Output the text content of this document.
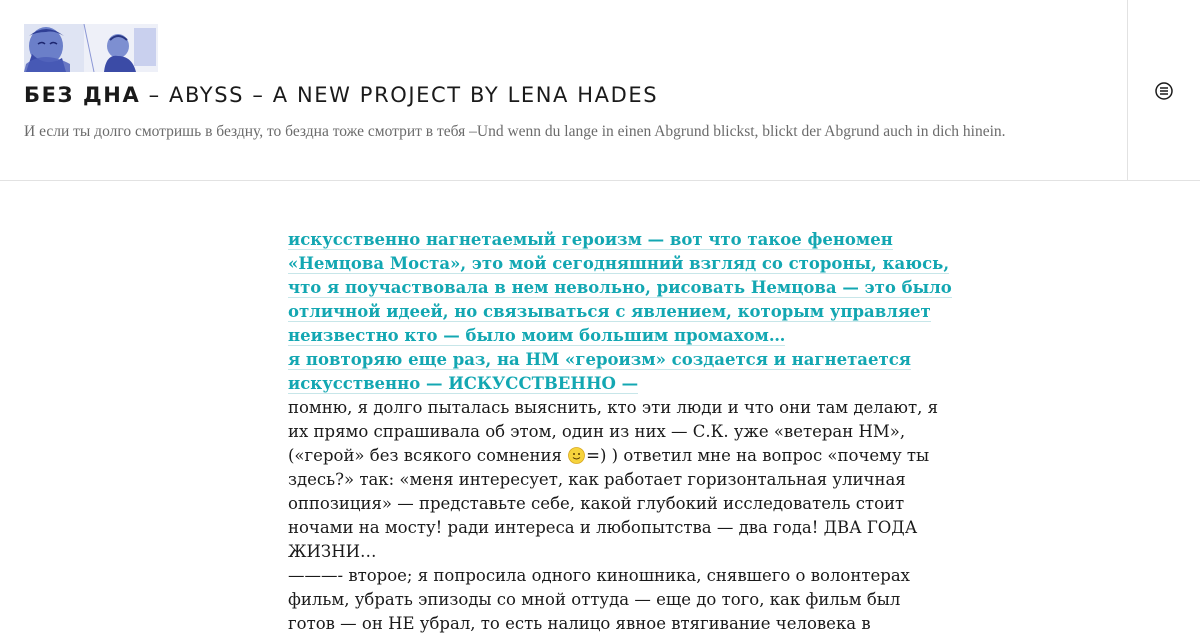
БЕЗ ДНА – ABYSS – A NEW PROJECT BY LENA HADES

И если ты долго смотришь в бездну, то бездна тоже смотрит в тебя –Und wenn du lange in einen Abgrund blickst, blickt der Abgrund auch in dich hinein.

искусственно нагнетаемый героизм — вот что такое феномен
«Немцова Моста», это мой сегодняшний взгляд со стороны, каюсь,
что я поучаствовала в нем невольно, рисовать Немцова — это было
отличной идеей, но связываться с явлением, которым управляет
неизвестно кто — было моим большим промахом…
я повторяю еще раз, на НМ «героизм» создается и нагнетается
искусственно — ИСКУССТВЕННО —
помню, я долго пыталась выяснить, кто эти люди и что они там делают, я
их прямо спрашивала об этом, один из них — С.К. уже «ветеран НМ»,
(«герой» без всякого сомнения =) ) ответил мне на вопрос «почему ты
здесь?» так: «меня интересует, как работает горизонтальная уличная
оппозиция» — представьте себе, какой глубокий исследователь стоит
ночами на мосту! ради интереса и любопытства — два года! ДВА ГОДА
ЖИЗНИ…
———- второе; я попросила одного киношника, снявшего о волонтерах
фильм, убрать эпизоды со мной оттуда — еще до того, как фильм был
готов — он НЕ убрал, то есть налицо явное втягивание человека в
